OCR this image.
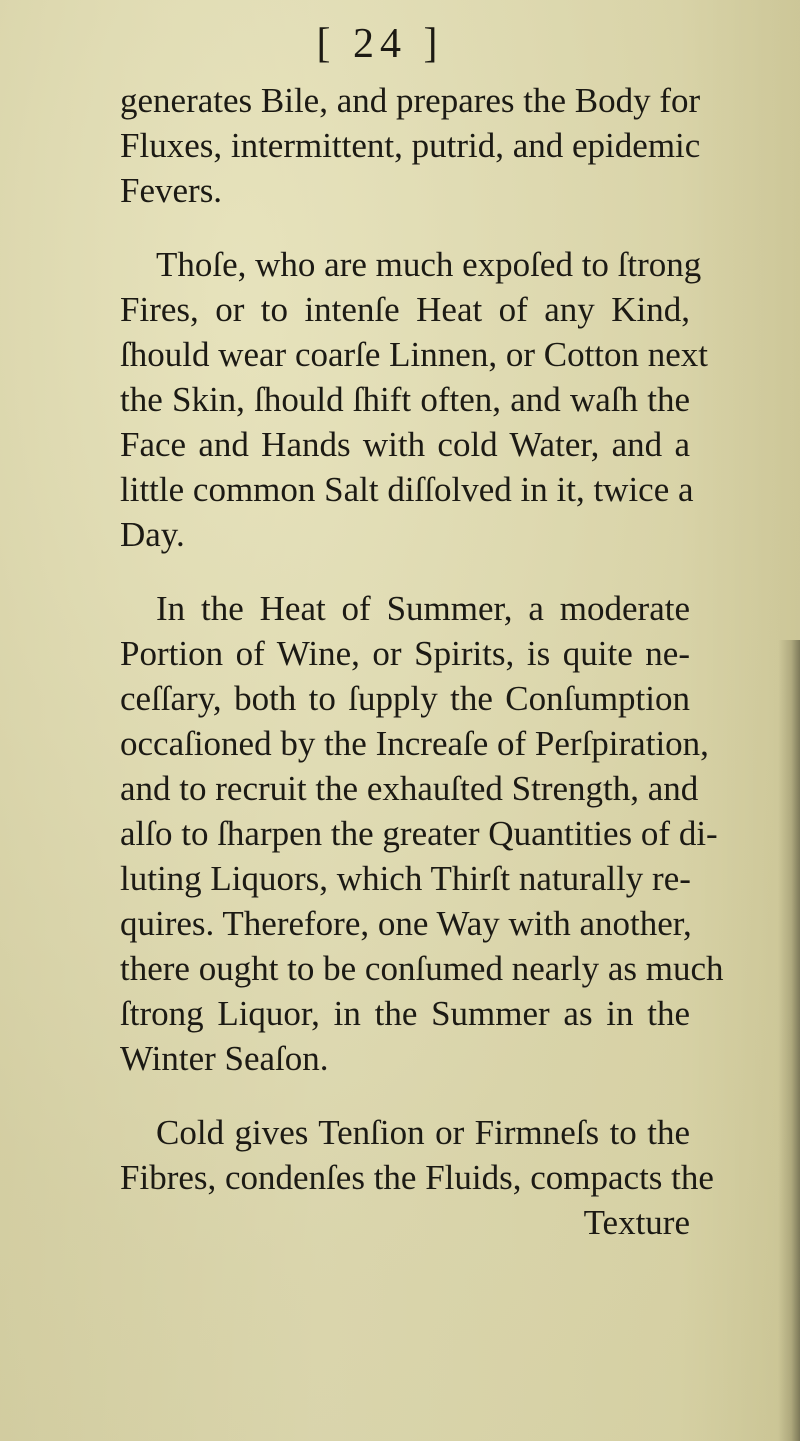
[ 24 ]
generates Bile, and prepares the Body for
Fluxes, intermittent, putrid, and epidemic
Fevers.
Thoſe, who are much expoſed to ſtrong
Fires, or to intenſe Heat of any Kind,
ſhould wear coarſe Linnen, or Cotton next
the Skin, ſhould ſhift often, and waſh the
Face and Hands with cold Water, and a
little common Salt diſſolved in it, twice a
Day.
In the Heat of Summer, a moderate
Portion of Wine, or Spirits, is quite ne-
ceſſary, both to ſupply the Conſumption
occaſioned by the Increaſe of Perſpiration,
and to recruit the exhauſted Strength, and
alſo to ſharpen the greater Quantities of di-
luting Liquors, which Thirſt naturally re-
quires. Therefore, one Way with another,
there ought to be conſumed nearly as much
ſtrong Liquor, in the Summer as in the
Winter Seaſon.
Cold gives Tenſion or Firmneſs to the
Fibres, condenſes the Fluids, compacts the
Texture
